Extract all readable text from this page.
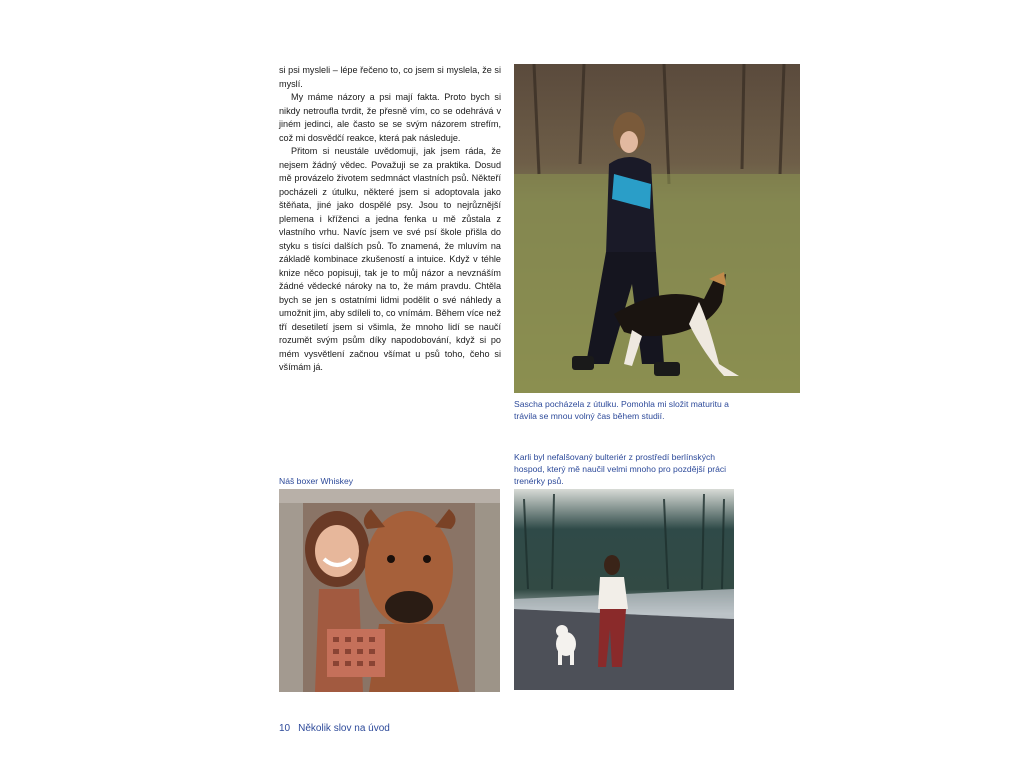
si psi mysleli – lépe řečeno to, co jsem si myslela, že si myslí.

My máme názory a psi mají fakta. Proto bych si nikdy netroufla tvrdit, že přesně vím, co se odehrává v jiném jedinci, ale často se se svým názorem strefím, což mi dosvědčí reakce, která pak následuje.

Přitom si neustále uvědomuji, jak jsem ráda, že nejsem žádný vědec. Považuji se za praktika. Dosud mě provázelo životem sedmnáct vlastních psů. Někteří pocházeli z útulku, některé jsem si adoptovala jako štěňata, jiné jako dospělé psy. Jsou to nejrůznější plemena i kříženci a jedna fenka u mě zůstala z vlastního vrhu. Navíc jsem ve své psí škole přišla do styku s tisíci dalších psů. To znamená, že mluvím na základě kombinace zkušeností a intuice. Když v téhle knize něco popisuji, tak je to můj názor a nevznáším žádné vědecké nároky na to, že mám pravdu. Chtěla bych se jen s ostatními lidmi podělit o své náhledy a umožnit jim, aby sdíleli to, co vnímám. Během více než tří desetiletí jsem si všimla, že mnoho lidí se naučí rozumět svým psům díky napodobování, když si po mém vysvětlení začnou všímat u psů toho, čeho si všímám já.

Sascha pocházela z útulku. Pomohla mi složit maturitu a trávila se mnou volný čas během studií.
Náš boxer Whiskey
Karli byl nefalšovaný bulteriér z prostředí berlínských hospod, který mě naučil velmi mnoho pro pozdější práci trenérky psů.
10 Několik slov na úvod
